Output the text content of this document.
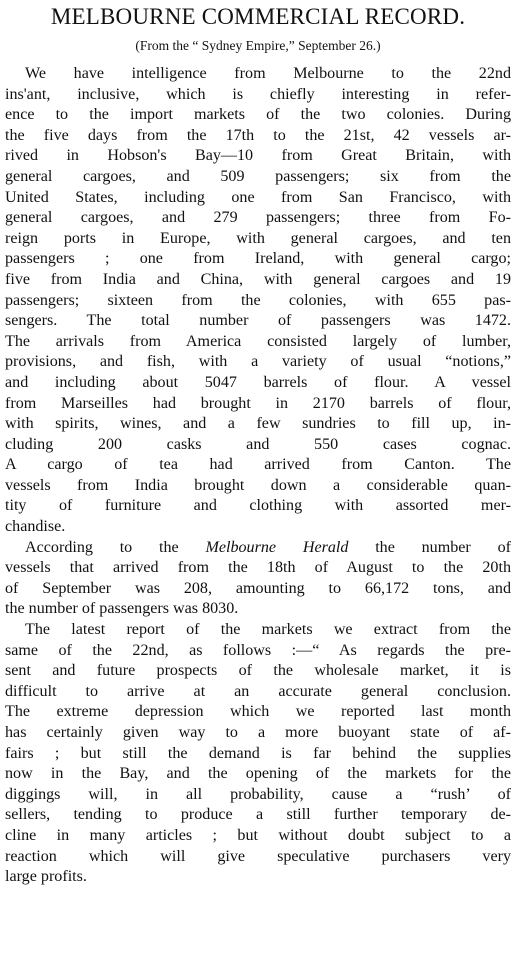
MELBOURNE COMMERCIAL RECORD.
(From the “ Sydney Empire,” September 26.)
We have intelligence from Melbourne to the 22nd
ins'ant, inclusive, which is chiefly interesting in refer-
ence to the import markets of the two colonies. During
the five days from the 17th to the 21st, 42 vessels ar-
rived in Hobson's Bay—10 from Great Britain, with
general cargoes, and 509 passengers; six from the
United States, including one from San Francisco, with
general cargoes, and 279 passengers; three from Fo-
reign ports in Europe, with general cargoes, and ten
passengers ; one from Ireland, with general cargo;
five from India and China, with general cargoes and 19
passengers; sixteen from the colonies, with 655 pas-
sengers. The total number of passengers was 1472.
The arrivals from America consisted largely of lumber,
provisions, and fish, with a variety of usual “notions,”
and including about 5047 barrels of flour. A vessel
from Marseilles had brought in 2170 barrels of flour,
with spirits, wines, and a few sundries to fill up, in-
cluding 200 casks and 550 cases cognac.
A cargo of tea had arrived from Canton. The
vessels from India brought down a considerable quan-
tity of furniture and clothing with assorted mer-
chandise.
According to the Melbourne Herald the number of
vessels that arrived from the 18th of August to the 20th
of September was 208, amounting to 66,172 tons, and
the number of passengers was 8030.
The latest report of the markets we extract from the
same of the 22nd, as follows :—“ As regards the pre-
sent and future prospects of the wholesale market, it is
difficult to arrive at an accurate general conclusion.
The extreme depression which we reported last month
has certainly given way to a more buoyant state of af-
fairs ; but still the demand is far behind the supplies
now in the Bay, and the opening of the markets for the
diggings will, in all probability, cause a “rush’ of
sellers, tending to produce a still further temporary de-
cline in many articles ; but without doubt subject to a
reaction which will give speculative purchasers very
large profits.
